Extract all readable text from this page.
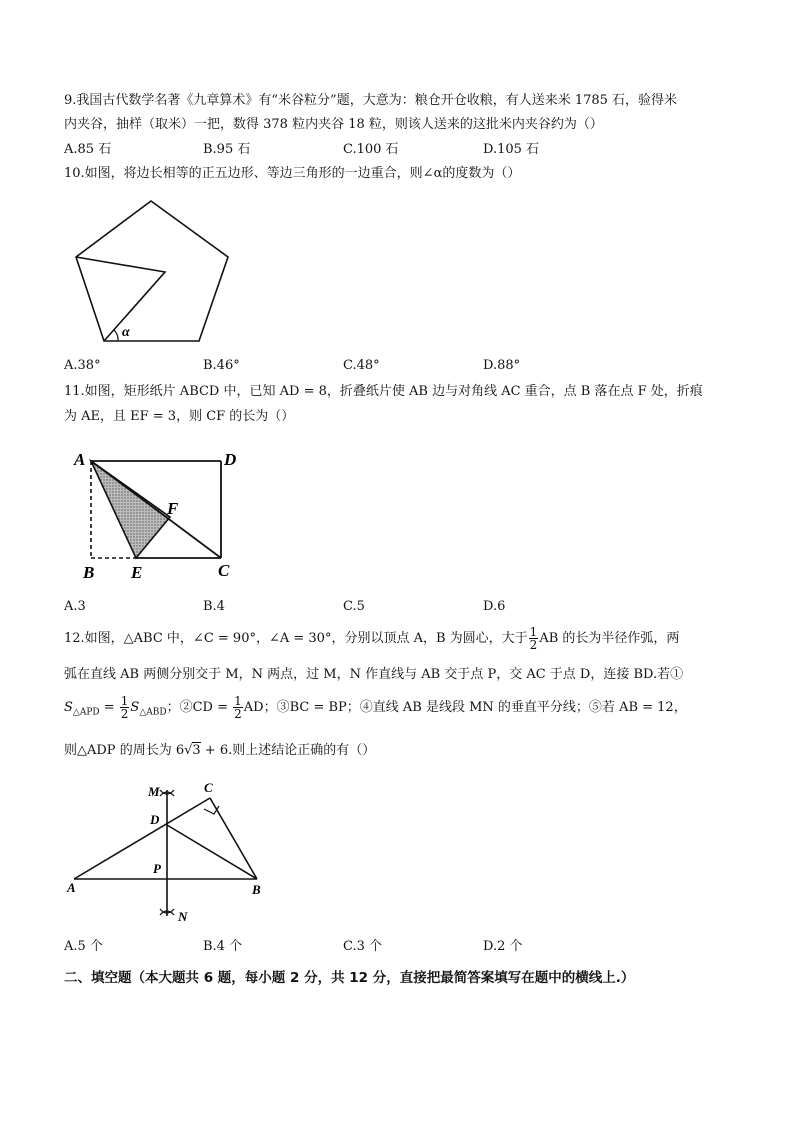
9.我国古代数学名著《九章算术》有“米谷粒分”题，大意为：粮仓开仓收粮，有人送来米 1785 石，验得米
内夹谷，抽样（取米）一把，数得 378 粒内夹谷 18 粒，则该人送来的这批米内夹谷约为（）
A.85 石	B.95 石	C.100 石	D.105 石
10.如图，将边长相等的正五边形、等边三角形的一边重合，则∠α的度数为（）
α
A.38°	B.46°	C.48°	D.88°
11.如图，矩形纸片 ABCD 中，已知 AD = 8，折叠纸片使 AB 边与对角线 AC 重合，点 B 落在点 F 处，折痕
为 AE，且 EF = 3，则 CF 的长为（）
A	D
F
B E	C
A.3	B.4	C.5	D.6
12.如图，△ABC 中，∠C = 90°，∠A = 30°，分别以顶点 A，B 为圆心，大于 $\frac{1}{2}$ AB 的长为半径作弧，两
弧在直线 AB 两侧分别交于 M，N 两点，过 M，N 作直线与 AB 交于点 P，交 AC 于点 D，连接 BD.若①
$S_{\triangle APD} = \frac{1}{2} S_{\triangle ABD}$；②CD = $\frac{1}{2}$ AD；③BC = BP；④直线 AB 是线段 MN 的垂直平分线；⑤若 AB = 12，
则△ADP 的周长为 6√3 + 6.则上述结论正确的有（）
M	C
D
P
A	B
N
A.5 个	B.4 个	C.3 个	D.2 个
二、填空题（本大题共 6 题，每小题 2 分，共 12 分，直接把最简答案填写在题中的横线上.）
